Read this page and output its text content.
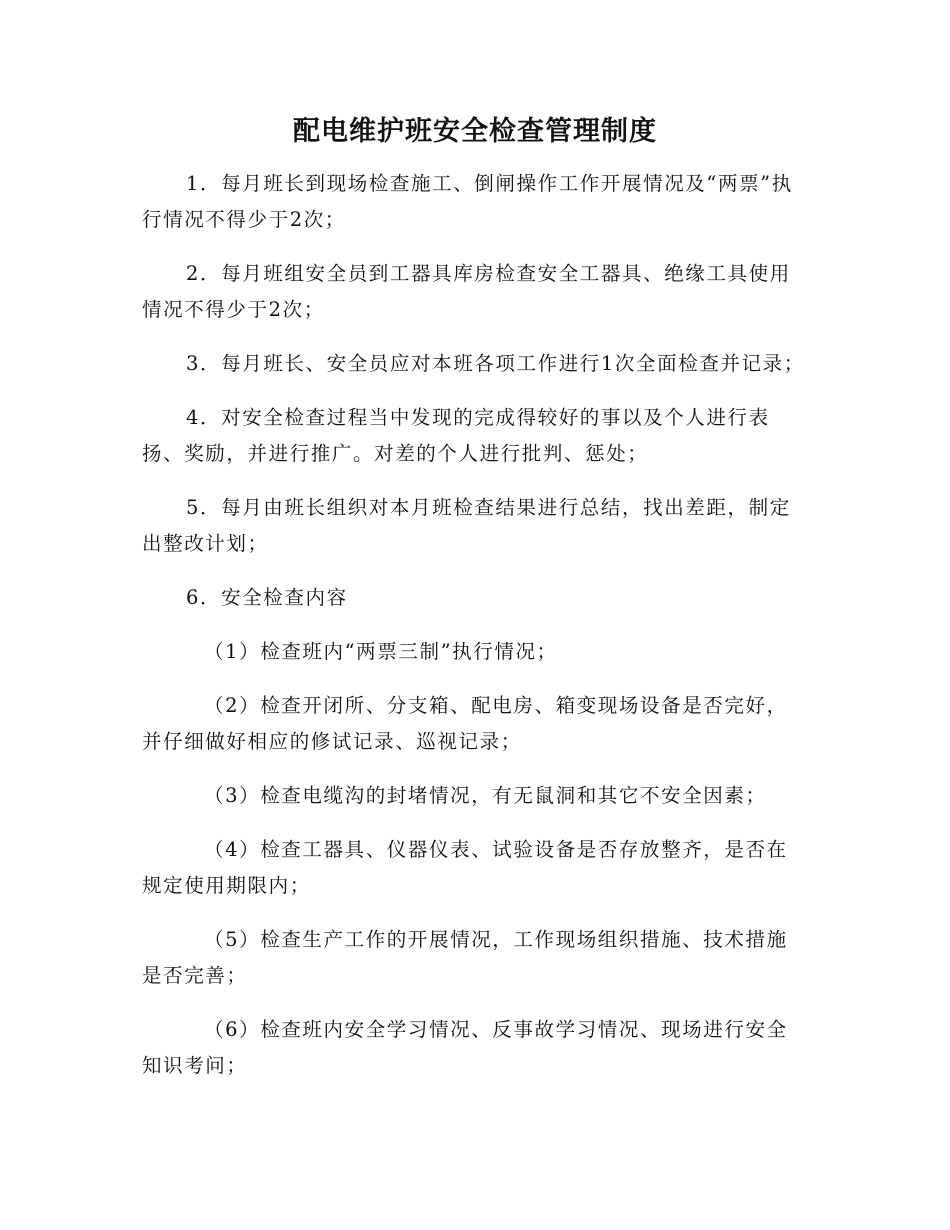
配电维护班安全检查管理制度

1．每月班长到现场检查施工、倒闸操作工作开展情况及“两票”执行情况不得少于2次；

2．每月班组安全员到工器具库房检查安全工器具、绝缘工具使用情况不得少于2次；

3．每月班长、安全员应对本班各项工作进行1次全面检查并记录；

4．对安全检查过程当中发现的完成得较好的事以及个人进行表扬、奖励，并进行推广。对差的个人进行批判、惩处；

5．每月由班长组织对本月班检查结果进行总结，找出差距，制定出整改计划；

6．安全检查内容

（1）检查班内“两票三制”执行情况；

（2）检查开闭所、分支箱、配电房、箱变现场设备是否完好，并仔细做好相应的修试记录、巡视记录；

（3）检查电缆沟的封堵情况，有无鼠洞和其它不安全因素；

（4）检查工器具、仪器仪表、试验设备是否存放整齐，是否在规定使用期限内；

（5）检查生产工作的开展情况，工作现场组织措施、技术措施是否完善；

（6）检查班内安全学习情况、反事故学习情况、现场进行安全知识考问；
